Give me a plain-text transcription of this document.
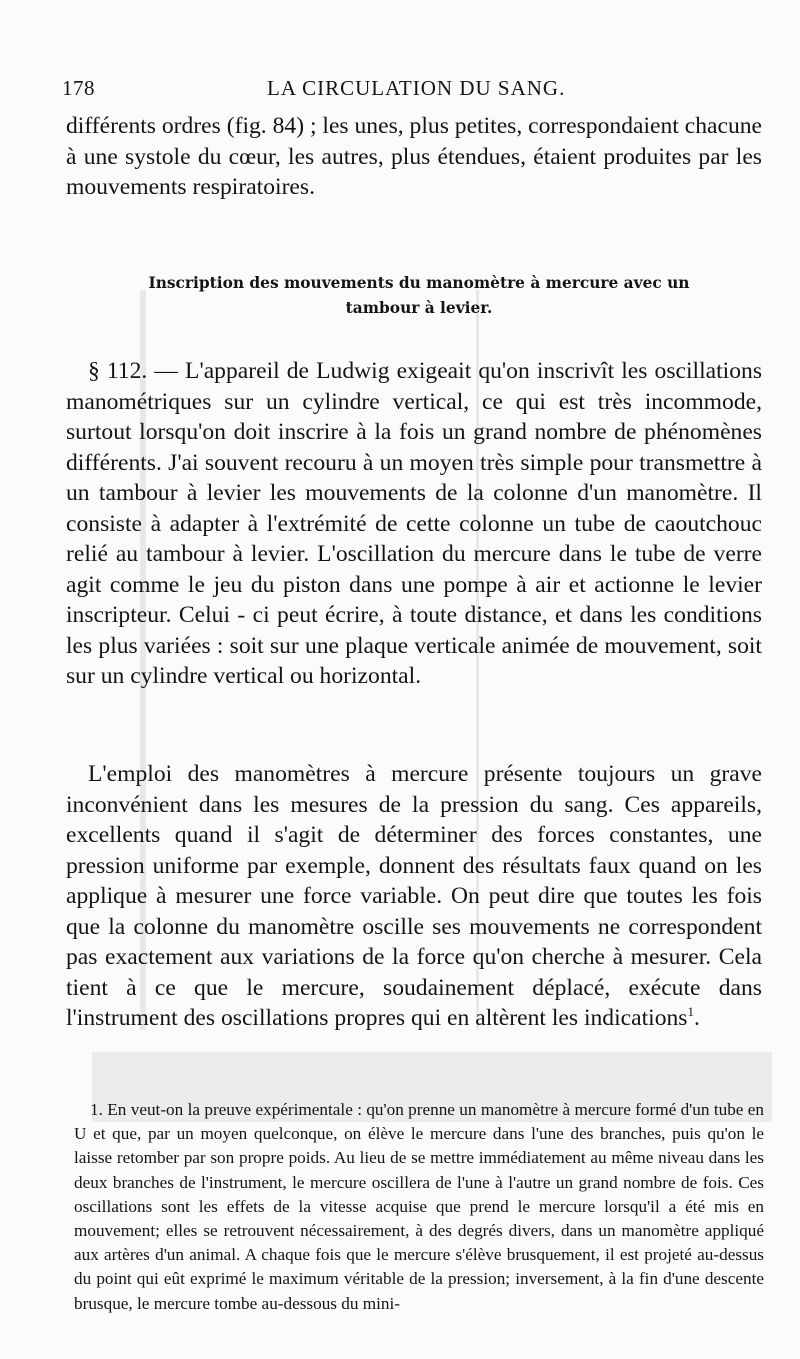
178	LA CIRCULATION DU SANG.

différents ordres (fig. 84) ; les unes, plus petites, correspondaient chacune à une systole du cœur, les autres, plus étendues, étaient produites par les mouvements respiratoires.

Inscription des mouvements du manomètre à mercure avec un
tambour à levier.

§ 112. — L'appareil de Ludwig exigeait qu'on inscrivît les oscillations manométriques sur un cylindre vertical, ce qui est très incommode, surtout lorsqu'on doit inscrire à la fois un grand nombre de phénomènes différents. J'ai souvent recouru à un moyen très simple pour transmettre à un tambour à levier les mouvements de la colonne d'un manomètre. Il consiste à adapter à l'extrémité de cette colonne un tube de caoutchouc relié au tambour à levier. L'oscillation du mercure dans le tube de verre agit comme le jeu du piston dans une pompe à air et actionne le levier inscripteur. Celui - ci peut écrire, à toute distance, et dans les conditions les plus variées : soit sur une plaque verticale animée de mouvement, soit sur un cylindre vertical ou horizontal.

L'emploi des manomètres à mercure présente toujours un grave inconvénient dans les mesures de la pression du sang. Ces appareils, excellents quand il s'agit de déterminer des forces constantes, une pression uniforme par exemple, donnent des résultats faux quand on les applique à mesurer une force variable. On peut dire que toutes les fois que la colonne du manomètre oscille ses mouvements ne correspondent pas exactement aux variations de la force qu'on cherche à mesurer. Cela tient à ce que le mercure, soudainement déplacé, exécute dans l'instrument des oscillations propres qui en altèrent les indications$^1$.

1. En veut-on la preuve expérimentale : qu'on prenne un manomètre à mercure formé d'un tube en U et que, par un moyen quelconque, on élève le mercure dans l'une des branches, puis qu'on le laisse retomber par son propre poids. Au lieu de se mettre immédiatement au même niveau dans les deux branches de l'instrument, le mercure oscillera de l'une à l'autre un grand nombre de fois. Ces oscillations sont les effets de la vitesse acquise que prend le mercure lorsqu'il a été mis en mouvement; elles se retrouvent nécessairement, à des degrés divers, dans un manomètre appliqué aux artères d'un animal. A chaque fois que le mercure s'élève brusquement, il est projeté au-dessus du point qui eût exprimé le maximum véritable de la pression; inversement, à la fin d'une descente brusque, le mercure tombe au-dessous du mini-
